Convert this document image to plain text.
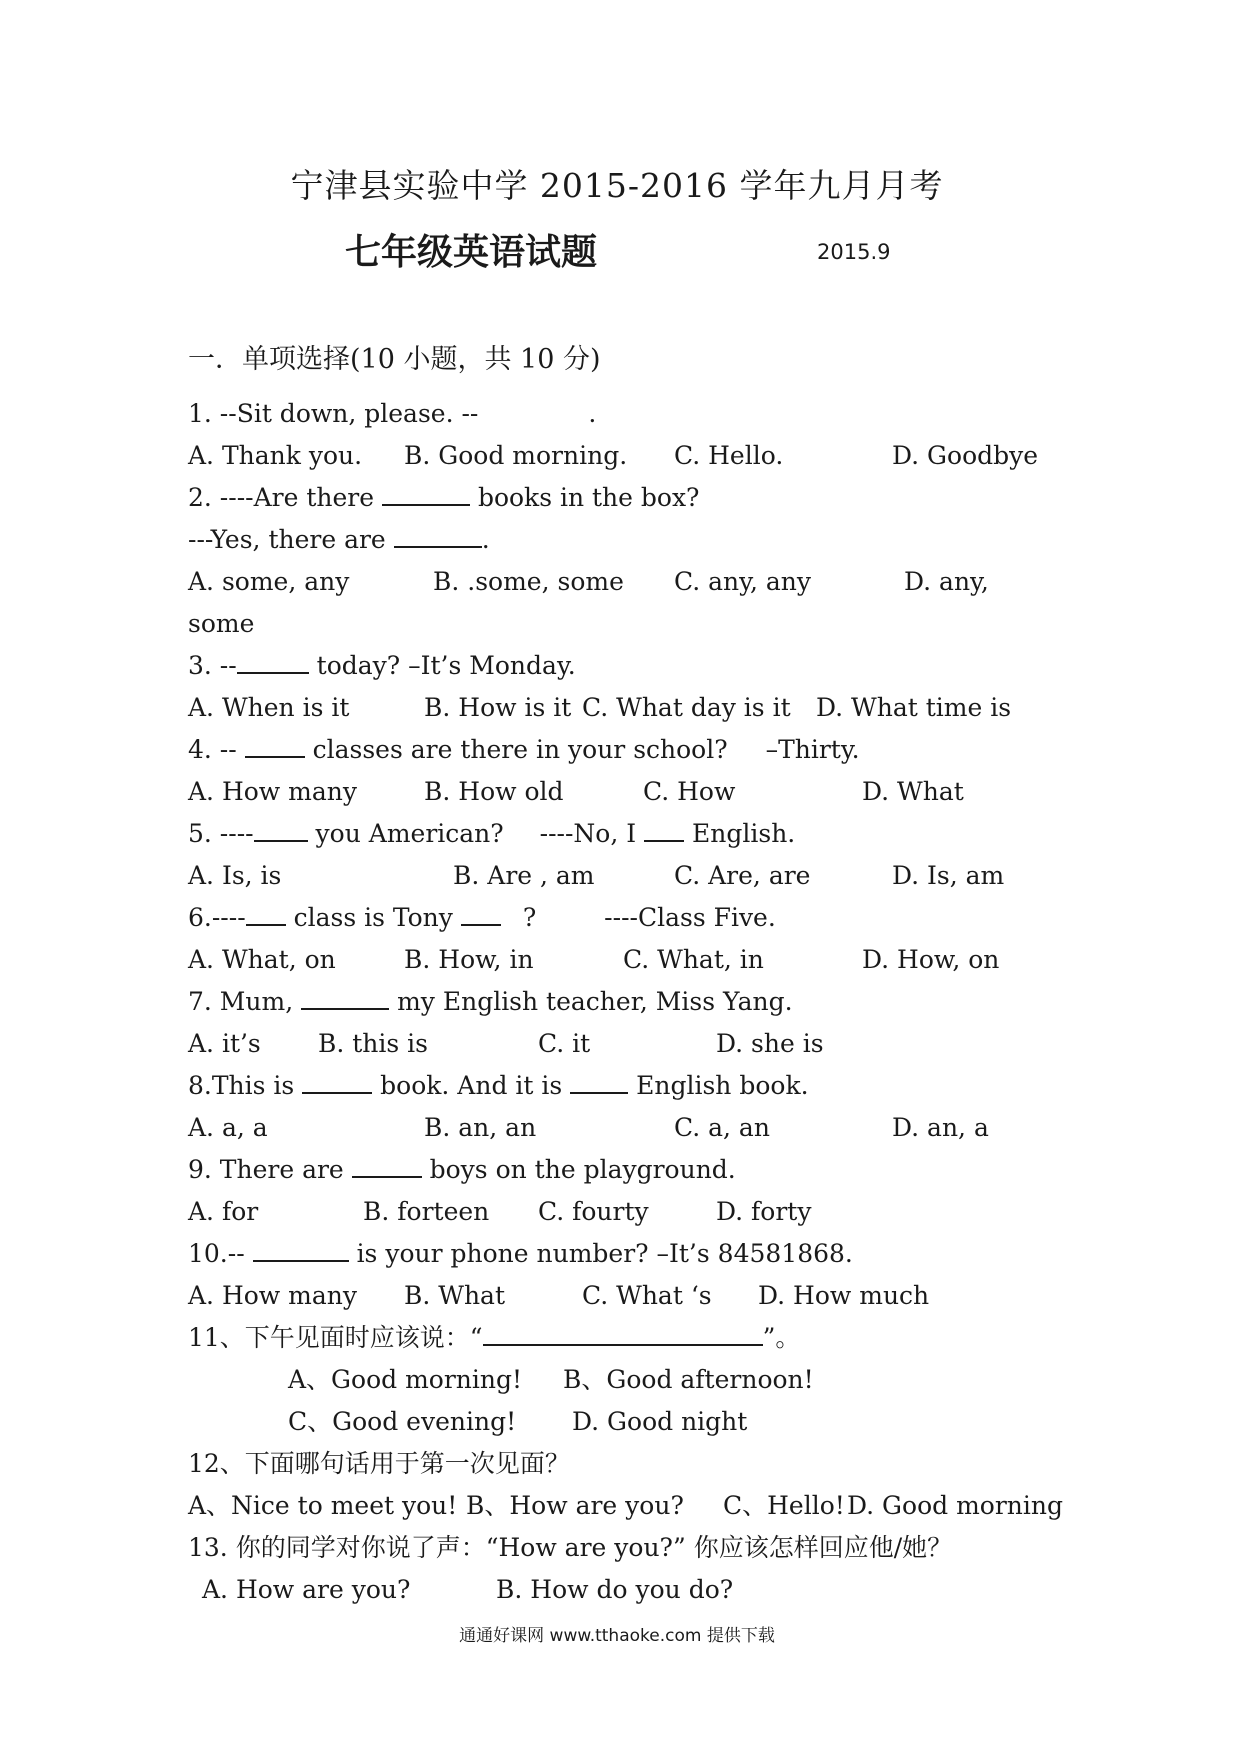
宁津县实验中学 2015-2016 学年九月月考
七年级英语试题	2015.9
一．单项选择(10 小题，共 10 分)
1. --Sit down, please. --	.
A. Thank you. B. Good morning. C. Hello.	D. Goodbye
2. ----Are there	books in the box?
---Yes, there are	.
A. some, any	B. .some, some C. any, any	D. any,
some
3. --	today? –It’s Monday.
A. When is it	B. How is it C. What day is it D. What time is
4. --	classes are there in your school? –Thirty.
A. How many	B. How old	C. How	D. What
5. ---- you American? ----No, I English.
A. Is, is	B. Are , am	C. Are, are	D. Is, am
6.---- class is Tony	?	----Class Five.
A. What, on	B. How, in	C. What, in	D. How, on
7. Mum,	my English teacher, Miss Yang.
A. it’s B. this is	C. it	D. she is
8.This is	book. And it is	English book.
A. a, a	B. an, an	C. a, an	D. an, a
9. There are	boys on the playground.
A. for	B. forteen C. fourty	D. forty
10.--	is your phone number? –It’s 84581868.
A. How many B. What	C. What ‘s D. How much
11、下午见面时应该说：“	”。
A、Good morning! B、Good afternoon!
C、Good evening! D. Good night
12、下面哪句话用于第一次见面？
A、Nice to meet you! B、How are you? C、Hello! D. Good morning
13. 你的同学对你说了声：“How are you?” 你应该怎样回应他/她？
A. How are you?	B. How do you do?
通通好课网 www.tthaoke.com 提供下载
